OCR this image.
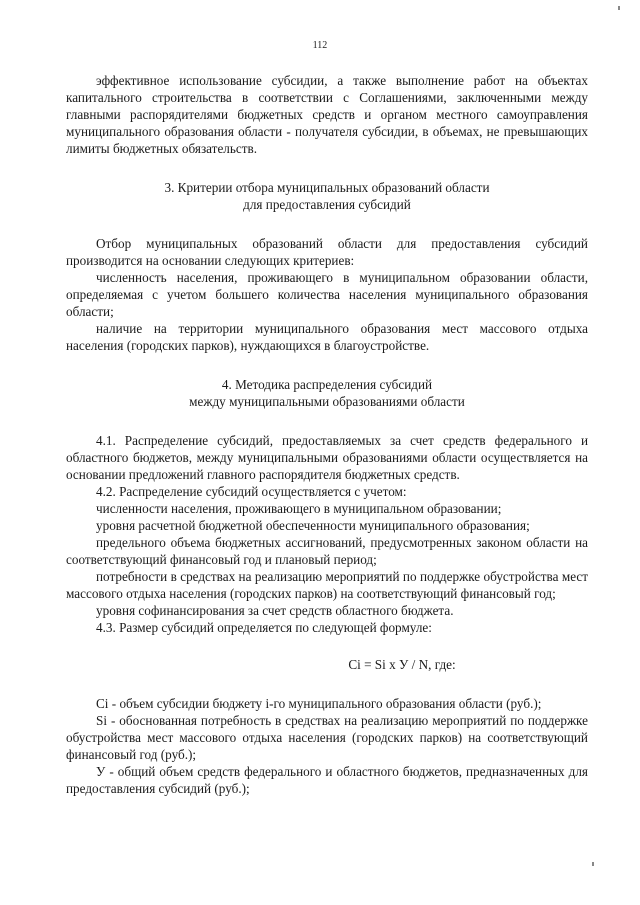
112

эффективное использование субсидии, а также выполнение работ на объектах капитального строительства в соответствии с Соглашениями, заключенными между главными распорядителями бюджетных средств и органом местного самоуправления муниципального образования области - получателя субсидии, в объемах, не превышающих лимиты бюджетных обязательств.

3. Критерии отбора муниципальных образований области
для предоставления субсидий

Отбор муниципальных образований области для предоставления субсидий производится на основании следующих критериев:

численность населения, проживающего в муниципальном образовании области, определяемая с учетом большего количества населения муниципального образования области;

наличие на территории муниципального образования мест массового отдыха населения (городских парков), нуждающихся в благоустройстве.

4. Методика распределения субсидий
между муниципальными образованиями области

4.1. Распределение субсидий, предоставляемых за счет средств федерального и областного бюджетов, между муниципальными образованиями области осуществляется на основании предложений главного распорядителя бюджетных средств.

4.2. Распределение субсидий осуществляется с учетом:

численности населения, проживающего в муниципальном образовании;

уровня расчетной бюджетной обеспеченности муниципального образования;

предельного объема бюджетных ассигнований, предусмотренных законом области на соответствующий финансовый год и плановый период;

потребности в средствах на реализацию мероприятий по поддержке обустройства мест массового отдыха населения (городских парков) на соответствующий финансовый год;

уровня софинансирования за счет средств областного бюджета.

4.3. Размер субсидий определяется по следующей формуле:

Ci = Si x У / N, где:

Ci - объем субсидии бюджету i-го муниципального образования области (руб.);

Si - обоснованная потребность в средствах на реализацию мероприятий по поддержке обустройства мест массового отдыха населения (городских парков) на соответствующий финансовый год (руб.);

У - общий объем средств федерального и областного бюджетов, предназначенных для предоставления субсидий (руб.);
